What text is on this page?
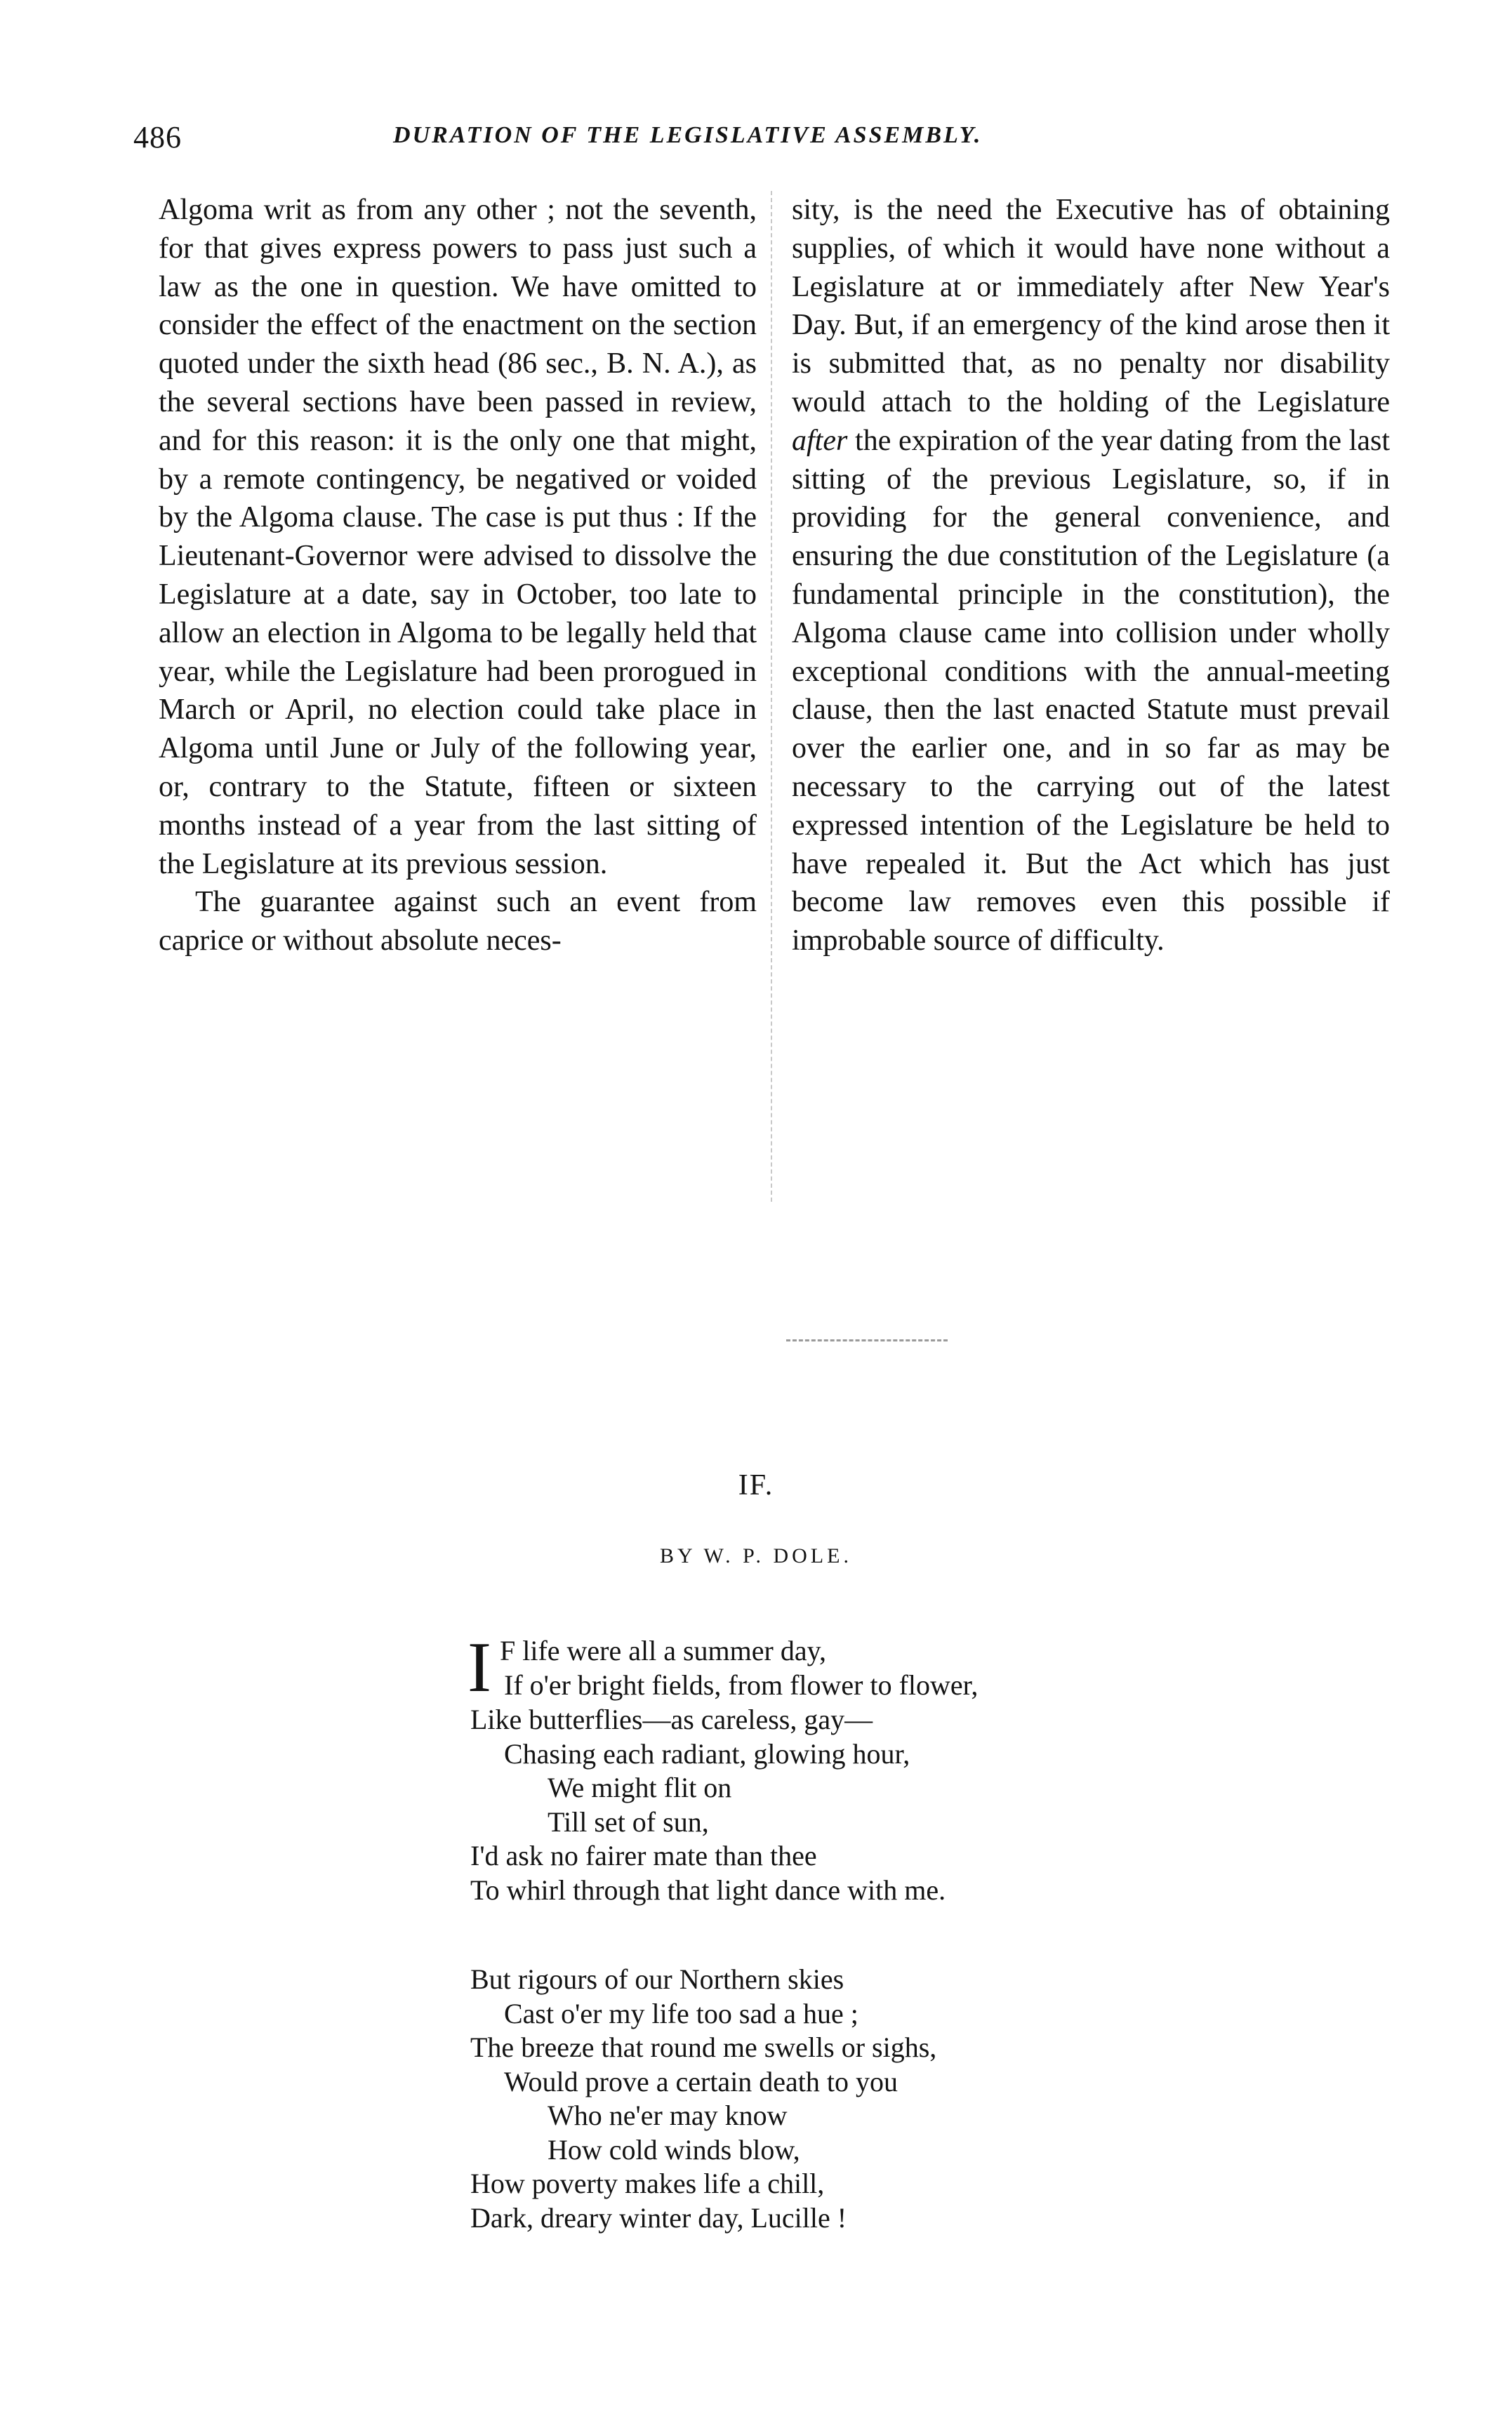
486	DURATION OF THE LEGISLATIVE ASSEMBLY.

Algoma writ as from any other ; not the seventh, for that gives express powers to pass just such a law as the one in question. We have omitted to consider the effect of the enactment on the section quoted under the sixth head (86 sec., B. N. A.), as the several sections have been passed in review, and for this reason: it is the only one that might, by a remote contingency, be negatived or voided by the Algoma clause. The case is put thus : If the Lieutenant-Governor were advised to dissolve the Legislature at a date, say in October, too late to allow an election in Algoma to be legally held that year, while the Legislature had been prorogued in March or April, no election could take place in Algoma until June or July of the following year, or, contrary to the Statute, fifteen or sixteen months instead of a year from the last sitting of the Legislature at its previous session.

The guarantee against such an event from caprice or without absolute neces-

sity, is the need the Executive has of obtaining supplies, of which it would have none without a Legislature at or immediately after New Year's Day. But, if an emergency of the kind arose then it is submitted that, as no penalty nor disability would attach to the holding of the Legislature after the expiration of the year dating from the last sitting of the previous Legislature, so, if in providing for the general convenience, and ensuring the due constitution of the Legislature (a fundamental principle in the constitution), the Algoma clause came into collision under wholly exceptional conditions with the annual-meeting clause, then the last enacted Statute must prevail over the earlier one, and in so far as may be necessary to the carrying out of the latest expressed intention of the Legislature be held to have repealed it. But the Act which has just become law removes even this possible if improbable source of difficulty.

IF.
BY W. P. DOLE.
I F life were all a summer day,
If o'er bright fields, from flower to flower,
Like butterflies—as careless, gay—
Chasing each radiant, glowing hour,
We might flit on
Till set of sun,
I'd ask no fairer mate than thee
To whirl through that light dance with me.
But rigours of our Northern skies
Cast o'er my life too sad a hue ;
The breeze that round me swells or sighs,
Would prove a certain death to you
Who ne'er may know
How cold winds blow,
How poverty makes life a chill,
Dark, dreary winter day, Lucille !
